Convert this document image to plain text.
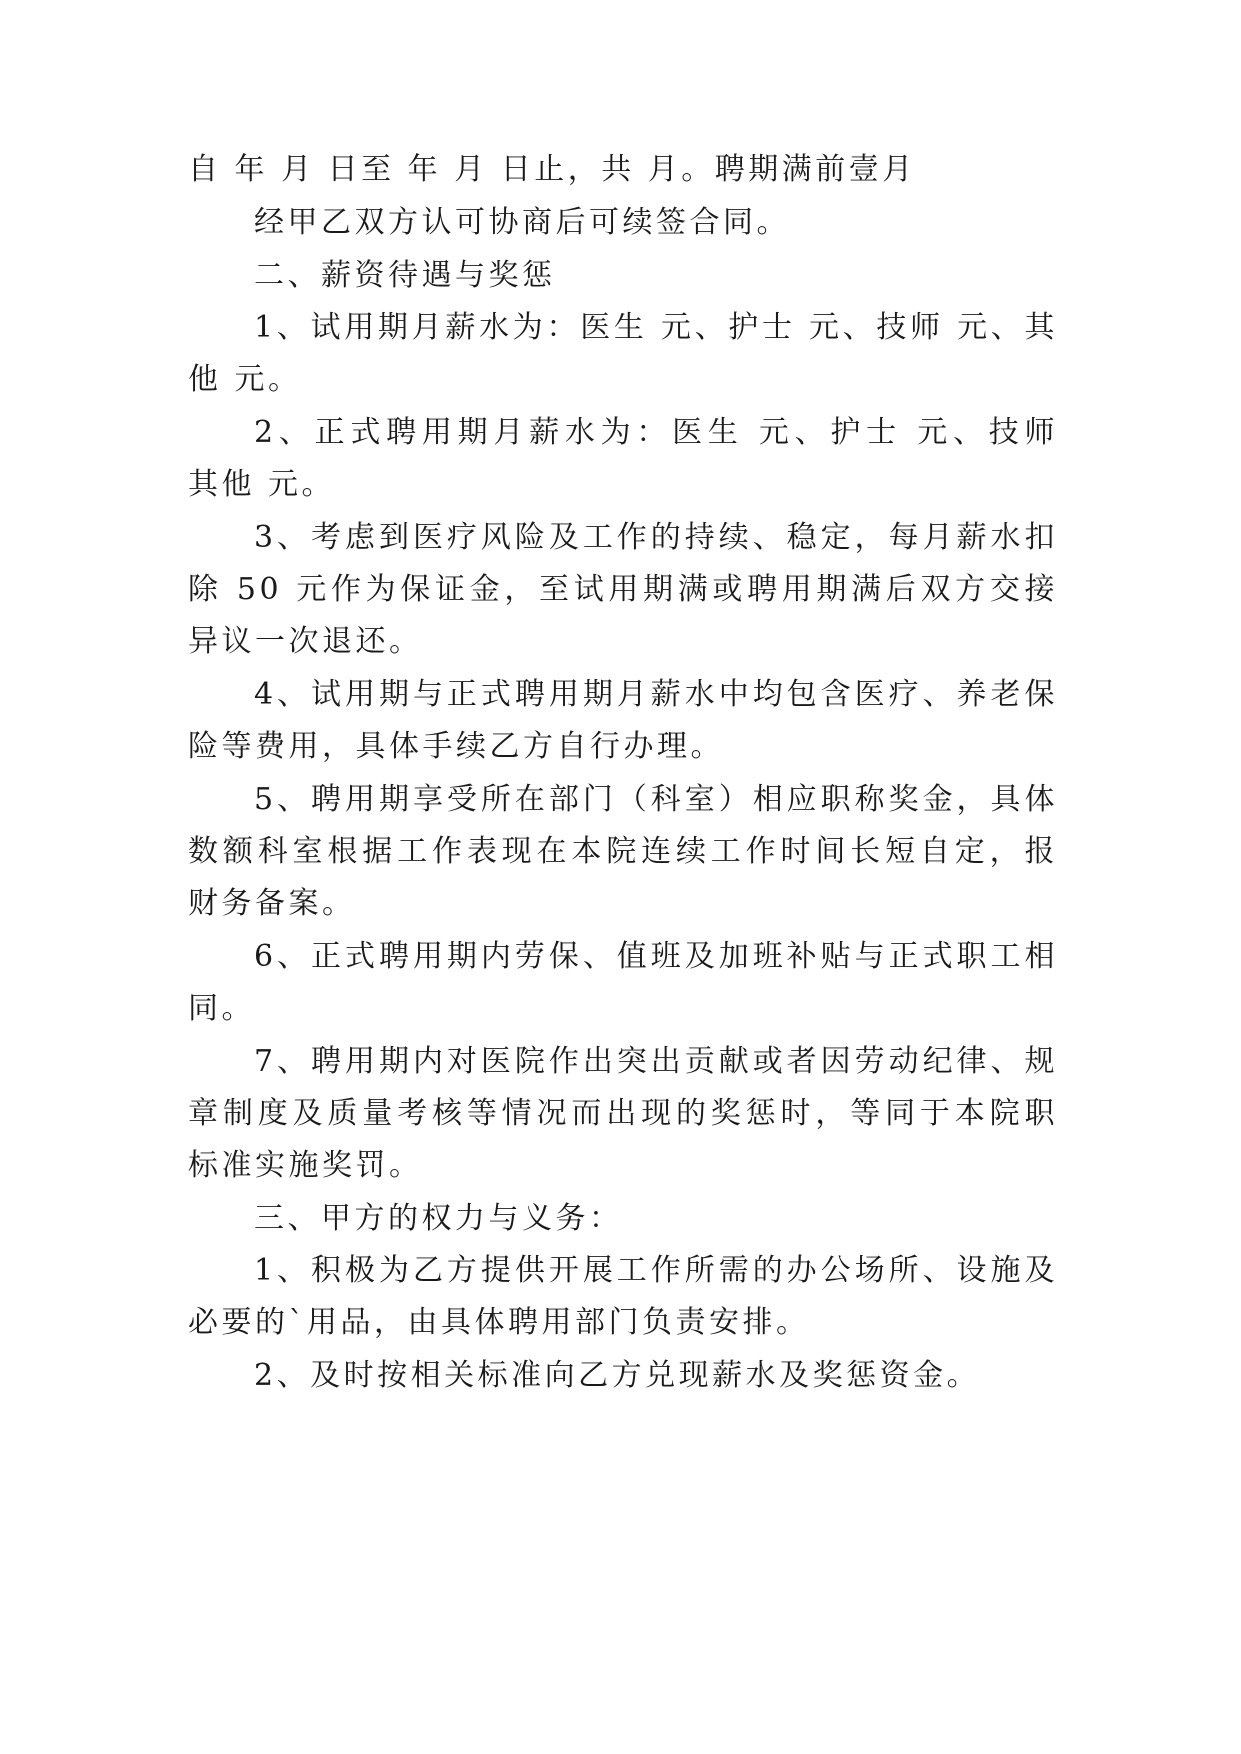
自 年 月 日至 年 月 日止，共 月。聘期满前壹月
经甲乙双方认可协商后可续签合同。
二、薪资待遇与奖惩
1、试用期月薪水为：医生 元、护士 元、技师 元、其
他 元。
2、正式聘用期月薪水为：医生 元、护士 元、技师
其他 元。
3、考虑到医疗风险及工作的持续、稳定，每月薪水扣
除 50 元作为保证金，至试用期满或聘用期满后双方交接
异议一次退还。
4、试用期与正式聘用期月薪水中均包含医疗、养老保
险等费用，具体手续乙方自行办理。
5、聘用期享受所在部门（科室）相应职称奖金，具体
数额科室根据工作表现在本院连续工作时间长短自定，报
财务备案。
6、正式聘用期内劳保、值班及加班补贴与正式职工相
同。
7、聘用期内对医院作出突出贡献或者因劳动纪律、规
章制度及质量考核等情况而出现的奖惩时，等同于本院职
标准实施奖罚。
三、甲方的权力与义务：
1、积极为乙方提供开展工作所需的办公场所、设施及
必要的`用品，由具体聘用部门负责安排。
2、及时按相关标准向乙方兑现薪水及奖惩资金。
